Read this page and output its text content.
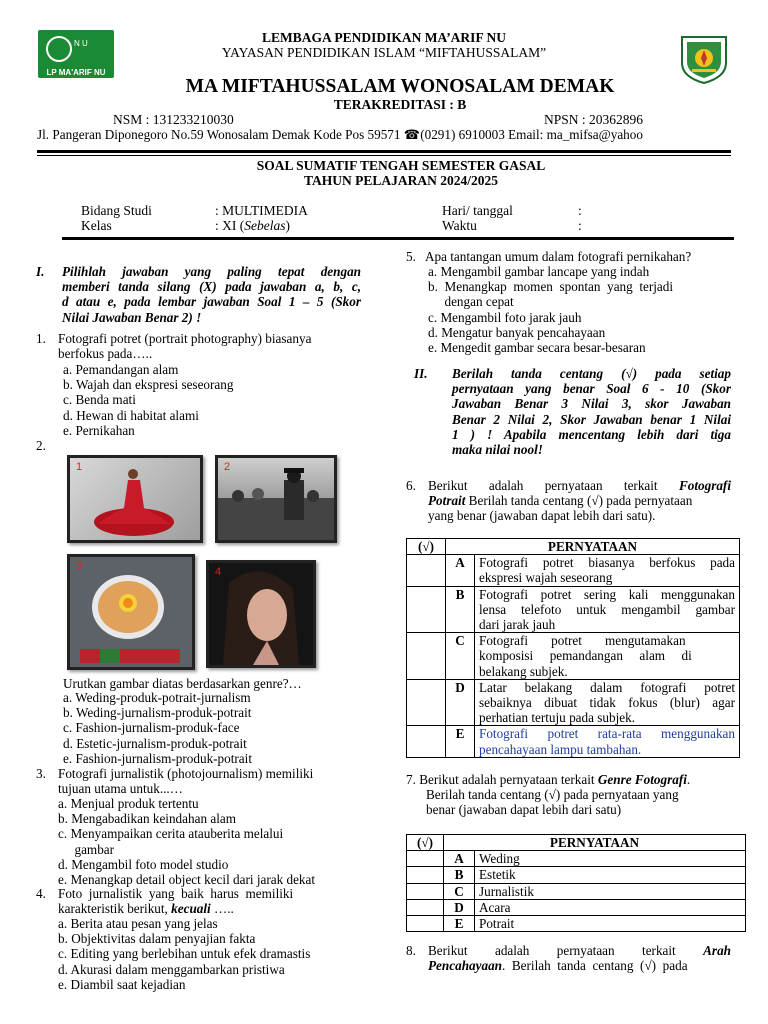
N U
LP MA'ARIF NU
LEMBAGA PENDIDIKAN MA’ARIF NU
YAYASAN PENDIDIKAN ISLAM “MIFTAHUSSALAM”
MA MIFTAHUSSALAM WONOSALAM DEMAK
TERAKREDITASI : B
NSM : 131233210030	NPSN : 20362896
Jl. Pangeran Diponegoro No.59 Wonosalam Demak Kode Pos 59571 ☎(0291) 6910003 Email: ma_mifsa@yahoo
SOAL SUMATIF TENGAH SEMESTER GASAL
TAHUN PELAJARAN 2024/2025
Bidang Studi	: MULTIMEDIA
Kelas	: XI (Sebelas)
Hari/ tanggal	:
Waktu	:
I. Pilihlah jawaban yang paling tepat dengan
memberi tanda silang (X) pada jawaban a, b, c,
d atau e, pada lembar jawaban Soal 1 – 5 (Skor
Nilai Jawaban Benar 2) !
1. Fotografi potret (portrait photography) biasanya
berfokus pada…..
a. Pemandangan alam
b. Wajah dan ekspresi seseorang
c. Benda mati
d. Hewan di habitat alami
e. Pernikahan
2.
1	2
3	4
Urutkan gambar diatas berdasarkan genre?…
a. Weding-produk-potrait-jurnalism
b. Weding-jurnalism-produk-potrait
c. Fashion-jurnalism-produk-face
d. Estetic-jurnalism-produk-potrait
e. Fashion-jurnalism-produk-potrait
3. Fotografi jurnalistik (photojournalism) memiliki
tujuan utama untuk...…
a. Menjual produk tertentu
b. Mengabadikan keindahan alam
c. Menyampaikan cerita atauberita melalui
gambar
d. Mengambil foto model studio
e. Menangkap detail object kecil dari jarak dekat
4. Foto  jurnalistik  yang  baik  harus  memiliki
karakteristik berikut, kecuali …..
a. Berita atau pesan yang jelas
b. Objektivitas dalam penyajian fakta
c. Editing yang berlebihan untuk efek dramastis
d. Akurasi dalam menggambarkan pristiwa
e. Diambil saat kejadian
5. Apa tantangan umum dalam fotografi pernikahan?
a. Mengambil gambar lancape yang indah
b.  Menangkap  momen  spontan  yang  terjadi
dengan cepat
c. Mengambil foto jarak jauh
d. Mengatur banyak pencahayaan
e. Mengedit gambar secara besar-besaran
II. Berilah tanda centang (√) pada setiap
pernyataan yang benar Soal 6 - 10 (Skor
Jawaban Benar 3 Nilai 3, skor Jawaban
Benar 2 Nilai 2, Skor Jawaban benar 1 Nilai
1 ) ! Apabila mencentang lebih dari tiga
maka nilai nool!
6. Berikut adalah pernyataan terkait Fotografi
Potrait Berilah tanda centang (√) pada pernyataan
yang benar (jawaban dapat lebih dari satu).
(√)	PERNYATAAN	
	A	Fotografi potret biasanya berfokus pada
ekspresi wajah seseorang

	B	Fotografi potret sering kali menggunakan
lensa telefoto untuk mengambil gambar
dari jarak jauh

	C	Fotografi       potret       mengutamakan
komposisi     pemandangan     alam     di
belakang subjek.

	D	Latar belakang dalam fotografi potret
sebaiknya dibuat tidak fokus (blur) agar
perhatian tertuju pada subjek.

	E	Fotografi potret rata-rata menggunakan
pencahayaan lampu tambahan.
7. Berikut adalah pernyataan terkait Genre Fotografi.
Berilah tanda centang (√) pada pernyataan yang
benar (jawaban dapat lebih dari satu)
(√)	PERNYATAAN	
	A	Weding
	B	Estetik
	C	Jurnalistik
	D	Acara
	E	Potrait
8. Berikut      adalah      pernyataan      terkait      Arah
Pencahayaan.  Berilah  tanda  centang  (√)  pada
